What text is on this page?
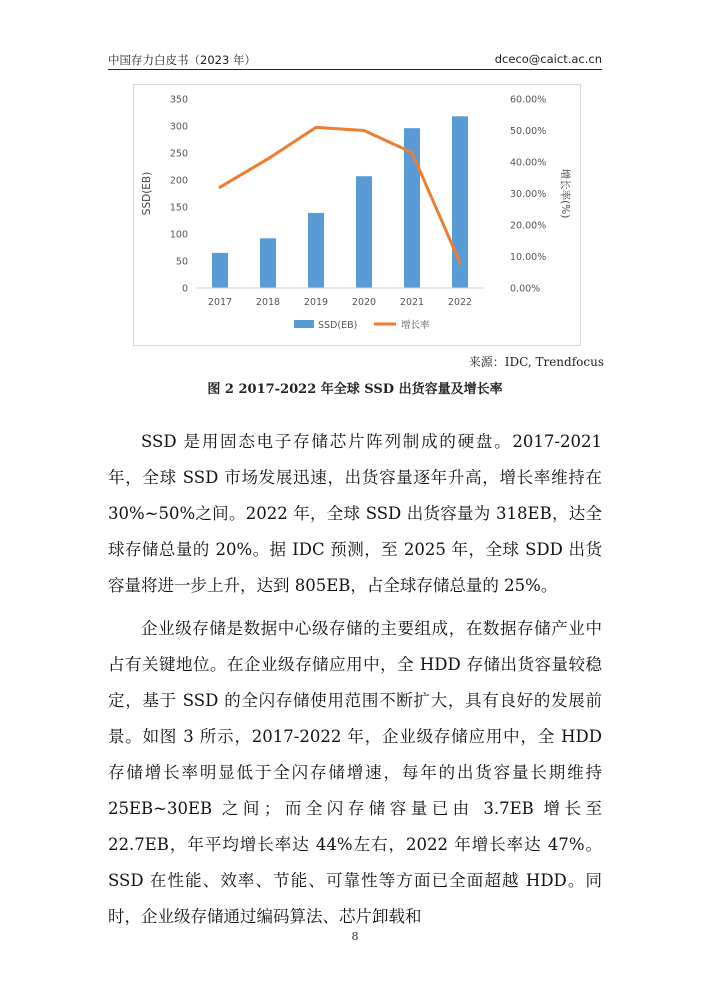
中国存力白皮书（2023 年）	dceco@caict.ac.cn
0
50
100
150
200
250
300
350
0.00%
10.00%
20.00%
30.00%
40.00%
50.00%
60.00%
2017	2018	2019	2020	2021	2022
SSD(EB)	增长率(%)
SSD(EB)	增长率
来源：IDC, Trendfocus
图 2 2017-2022 年全球 SSD 出货容量及增长率

SSD 是用固态电子存储芯片阵列制成的硬盘。2017-2021 年，全球 SSD 市场发展迅速，出货容量逐年升高，增长率维持在 30%~50%之间。2022 年，全球 SSD 出货容量为 318EB，达全球存储总量的 20%。据 IDC 预测，至 2025 年，全球 SDD 出货容量将进一步上升，达到 805EB，占全球存储总量的 25%。

企业级存储是数据中心级存储的主要组成，在数据存储产业中占有关键地位。在企业级存储应用中，全 HDD 存储出货容量较稳定，基于 SSD 的全闪存储使用范围不断扩大，具有良好的发展前景。如图 3 所示，2017-2022 年，企业级存储应用中，全 HDD 存储增长率明显低于全闪存储增速，每年的出货容量长期维持 25EB~30EB 之间；而全闪存储容量已由 3.7EB 增长至 22.7EB，年平均增长率达 44%左右，2022 年增长率达 47%。SSD 在性能、效率、节能、可靠性等方面已全面超越 HDD。同时，企业级存储通过编码算法、芯片卸载和

8
